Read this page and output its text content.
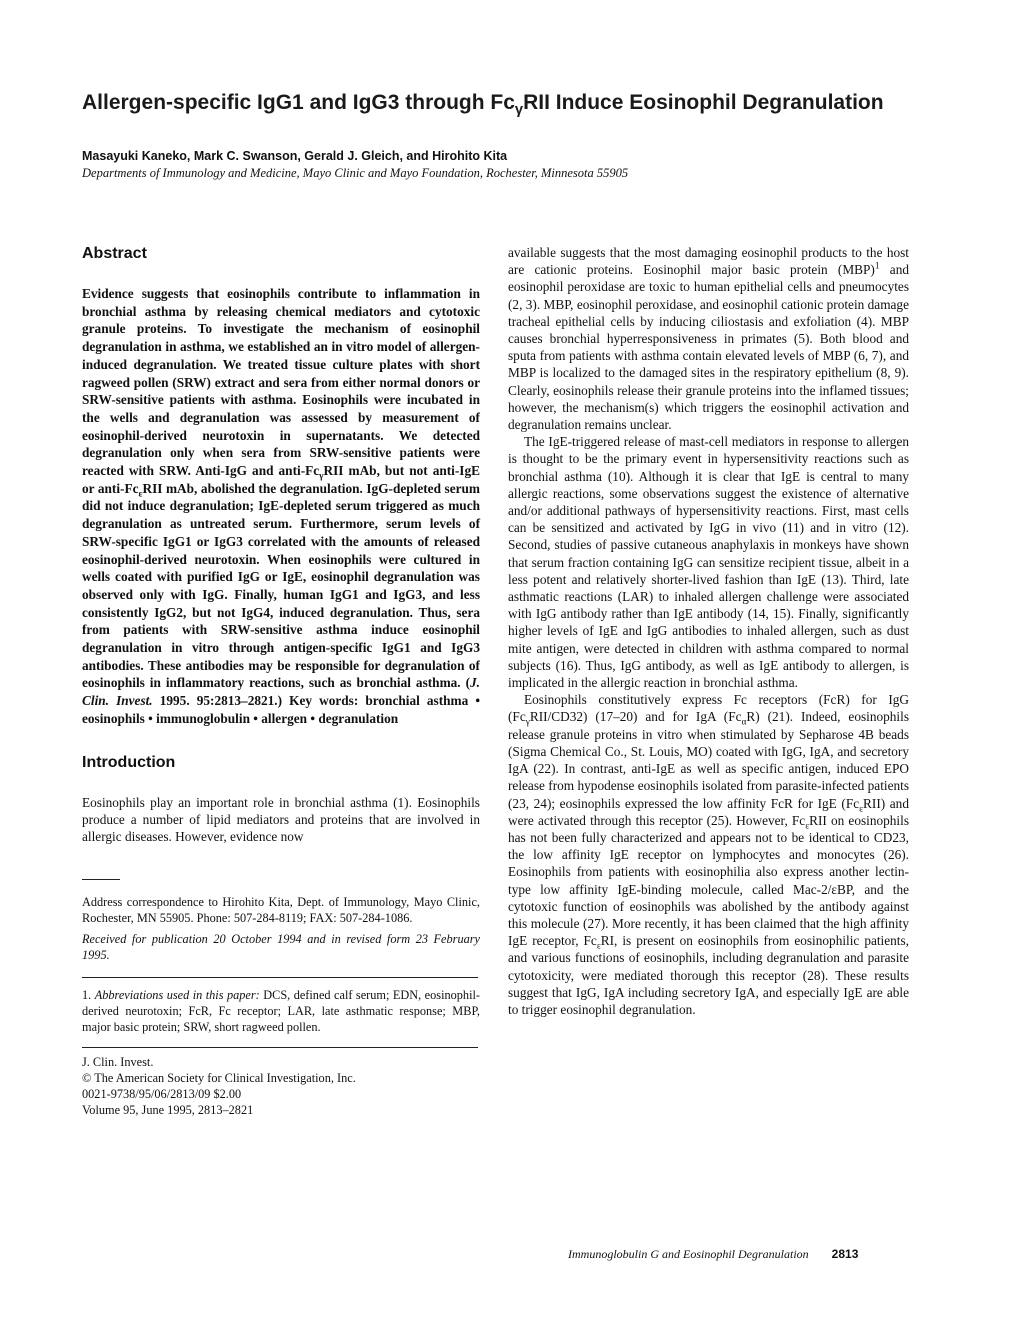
Allergen-specific IgG1 and IgG3 through $Fc_\gamma RII$ Induce Eosinophil Degranulation
Masayuki Kaneko, Mark C. Swanson, Gerald J. Gleich, and Hirohito Kita
Departments of Immunology and Medicine, Mayo Clinic and Mayo Foundation, Rochester, Minnesota 55905
Abstract

Evidence suggests that eosinophils contribute to inflammation in bronchial asthma by releasing chemical mediators and cytotoxic granule proteins. To investigate the mechanism of eosinophil degranulation in asthma, we established an in vitro model of allergen-induced degranulation. We treated tissue culture plates with short ragweed pollen (SRW) extract and sera from either normal donors or SRW-sensitive patients with asthma. Eosinophils were incubated in the wells and degranulation was assessed by measurement of eosinophil-derived neurotoxin in supernatants. We detected degranulation only when sera from SRW-sensitive patients were reacted with SRW. Anti-IgG and anti-$Fc_\gamma RII$ mAb, but not anti-IgE or anti-$Fc_\varepsilon RII$ mAb, abolished the degranulation. IgG-depleted serum did not induce degranulation; IgE-depleted serum triggered as much degranulation as untreated serum. Furthermore, serum levels of SRW-specific IgG1 or IgG3 correlated with the amounts of released eosinophil-derived neurotoxin. When eosinophils were cultured in wells coated with purified IgG or IgE, eosinophil degranulation was observed only with IgG. Finally, human IgG1 and IgG3, and less consistently IgG2, but not IgG4, induced degranulation. Thus, sera from patients with SRW-sensitive asthma induce eosinophil degranulation in vitro through antigen-specific IgG1 and IgG3 antibodies. These antibodies may be responsible for degranulation of eosinophils in inflammatory reactions, such as bronchial asthma. (J. Clin. Invest. 1995. 95:2813–2821.) Key words: bronchial asthma • eosinophils • immunoglobulin • allergen • degranulation

Introduction

Eosinophils play an important role in bronchial asthma (1). Eosinophils produce a number of lipid mediators and proteins that are involved in allergic diseases. However, evidence now

Address correspondence to Hirohito Kita, Dept. of Immunology, Mayo Clinic, Rochester, MN 55905. Phone: 507-284-8119; FAX: 507-284-1086.

Received for publication 20 October 1994 and in revised form 23 February 1995.

1. Abbreviations used in this paper: DCS, defined calf serum; EDN, eosinophil-derived neurotoxin; FcR, Fc receptor; LAR, late asthmatic response; MBP, major basic protein; SRW, short ragweed pollen.

J. Clin. Invest.

© The American Society for Clinical Investigation, Inc.

0021-9738/95/06/2813/09 $2.00

Volume 95, June 1995, 2813–2821

available suggests that the most damaging eosinophil products to the host are cationic proteins. Eosinophil major basic protein (MBP)$^1$ and eosinophil peroxidase are toxic to human epithelial cells and pneumocytes (2, 3). MBP, eosinophil peroxidase, and eosinophil cationic protein damage tracheal epithelial cells by inducing ciliostasis and exfoliation (4). MBP causes bronchial hyperresponsiveness in primates (5). Both blood and sputa from patients with asthma contain elevated levels of MBP (6, 7), and MBP is localized to the damaged sites in the respiratory epithelium (8, 9). Clearly, eosinophils release their granule proteins into the inflamed tissues; however, the mechanism(s) which triggers the eosinophil activation and degranulation remains unclear.

The IgE-triggered release of mast-cell mediators in response to allergen is thought to be the primary event in hypersensitivity reactions such as bronchial asthma (10). Although it is clear that IgE is central to many allergic reactions, some observations suggest the existence of alternative and/or additional pathways of hypersensitivity reactions. First, mast cells can be sensitized and activated by IgG in vivo (11) and in vitro (12). Second, studies of passive cutaneous anaphylaxis in monkeys have shown that serum fraction containing IgG can sensitize recipient tissue, albeit in a less potent and relatively shorter-lived fashion than IgE (13). Third, late asthmatic reactions (LAR) to inhaled allergen challenge were associated with IgG antibody rather than IgE antibody (14, 15). Finally, significantly higher levels of IgE and IgG antibodies to inhaled allergen, such as dust mite antigen, were detected in children with asthma compared to normal subjects (16). Thus, IgG antibody, as well as IgE antibody to allergen, is implicated in the allergic reaction in bronchial asthma.

Eosinophils constitutively express Fc receptors (FcR) for IgG $(Fc_\gamma RII/CD32)$ (17–20) and for IgA $(Fc_\alpha R)$ (21). Indeed, eosinophils release granule proteins in vitro when stimulated by Sepharose 4B beads (Sigma Chemical Co., St. Louis, MO) coated with IgG, IgA, and secretory IgA (22). In contrast, anti-IgE as well as specific antigen, induced EPO release from hypodense eosinophils isolated from parasite-infected patients (23, 24); eosinophils expressed the low affinity FcR for IgE $(Fc_\varepsilon RII)$ and were activated through this receptor (25). However, $Fc_\varepsilon RII$ on eosinophils has not been fully characterized and appears not to be identical to CD23, the low affinity IgE receptor on lymphocytes and monocytes (26). Eosinophils from patients with eosinophilia also express another lectin-type low affinity IgE-binding molecule, called Mac-2/εBP, and the cytotoxic function of eosinophils was abolished by the antibody against this molecule (27). More recently, it has been claimed that the high affinity IgE receptor, $Fc_\varepsilon RI$, is present on eosinophils from eosinophilic patients, and various functions of eosinophils, including degranulation and parasite cytotoxicity, were mediated thorough this receptor (28). These results suggest that IgG, IgA including secretory IgA, and especially IgE are able to trigger eosinophil degranulation.

Immunoglobulin G and Eosinophil Degranulation 2813
